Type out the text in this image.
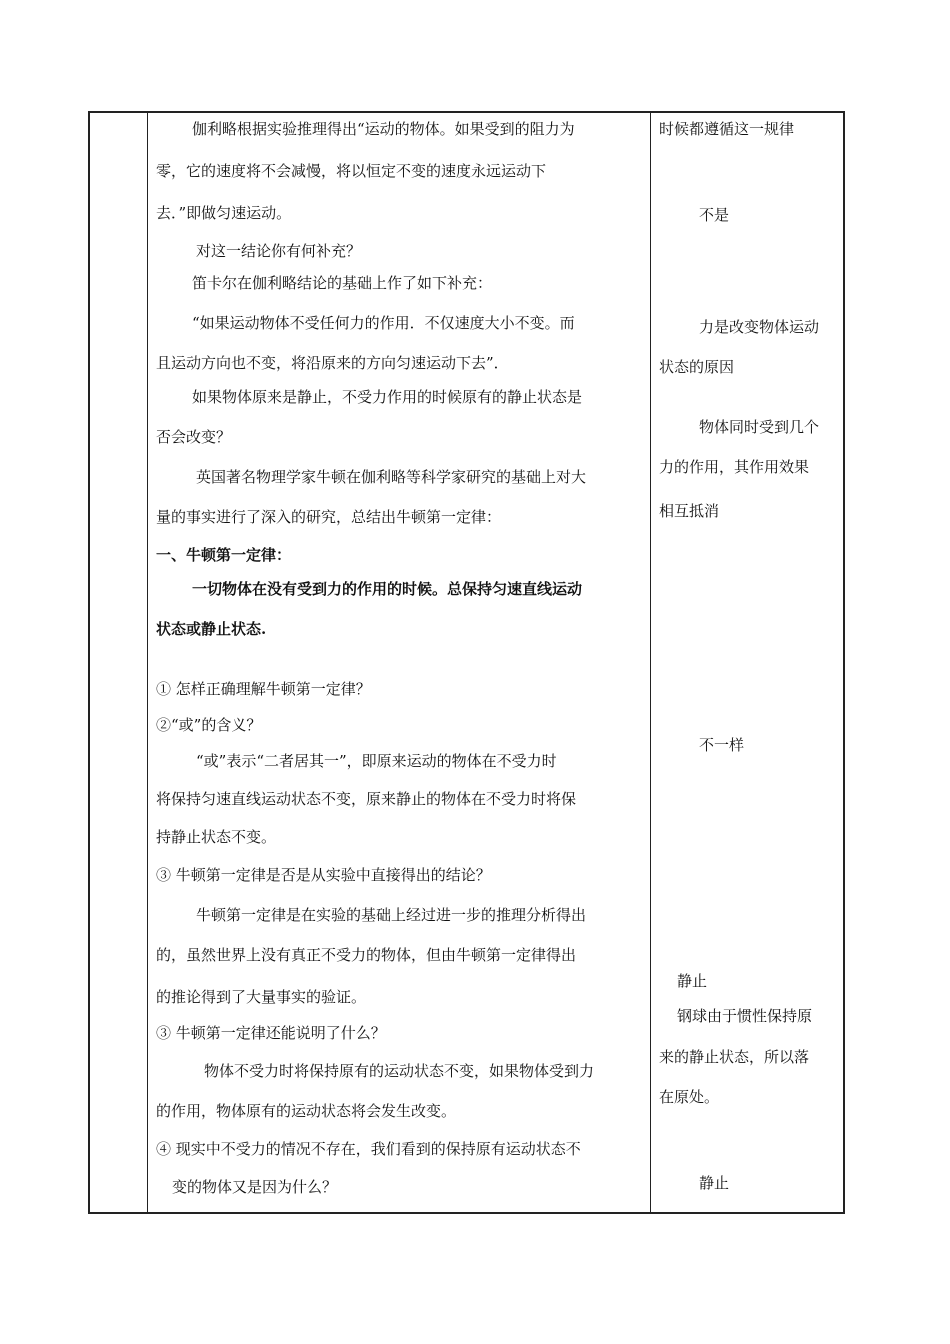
伽利略根据实验推理得出“运动的物体。如果受到的阻力为
零，它的速度将不会减慢，将以恒定不变的速度永远运动下
去．”即做匀速运动。
对这一结论你有何补充？
笛卡尔在伽利略结论的基础上作了如下补充：
“如果运动物体不受任何力的作用．不仅速度大小不变。而
且运动方向也不变，将沿原来的方向匀速运动下去”．
如果物体原来是静止，不受力作用的时候原有的静止状态是
否会改变？
英国著名物理学家牛顿在伽利略等科学家研究的基础上对大
量的事实进行了深入的研究，总结出牛顿第一定律：
一、牛顿第一定律：
一切物体在没有受到力的作用的时候。总保持匀速直线运动
状态或静止状态.
① 怎样正确理解牛顿第一定律？
②“或”的含义？
“或”表示“二者居其一”，即原来运动的物体在不受力时
将保持匀速直线运动状态不变，原来静止的物体在不受力时将保
持静止状态不变。
③ 牛顿第一定律是否是从实验中直接得出的结论？
牛顿第一定律是在实验的基础上经过进一步的推理分析得出
的，虽然世界上没有真正不受力的物体，但由牛顿第一定律得出
的推论得到了大量事实的验证。
③ 牛顿第一定律还能说明了什么？
物体不受力时将保持原有的运动状态不变，如果物体受到力
的作用，物体原有的运动状态将会发生改变。
④ 现实中不受力的情况不存在，我们看到的保持原有运动状态不
变的物体又是因为什么？
时候都遵循这一规律
不是
力是改变物体运动
状态的原因
物体同时受到几个
力的作用，其作用效果
相互抵消
不一样
静止
钢球由于惯性保持原
来的静止状态，所以落
在原处。
静止
